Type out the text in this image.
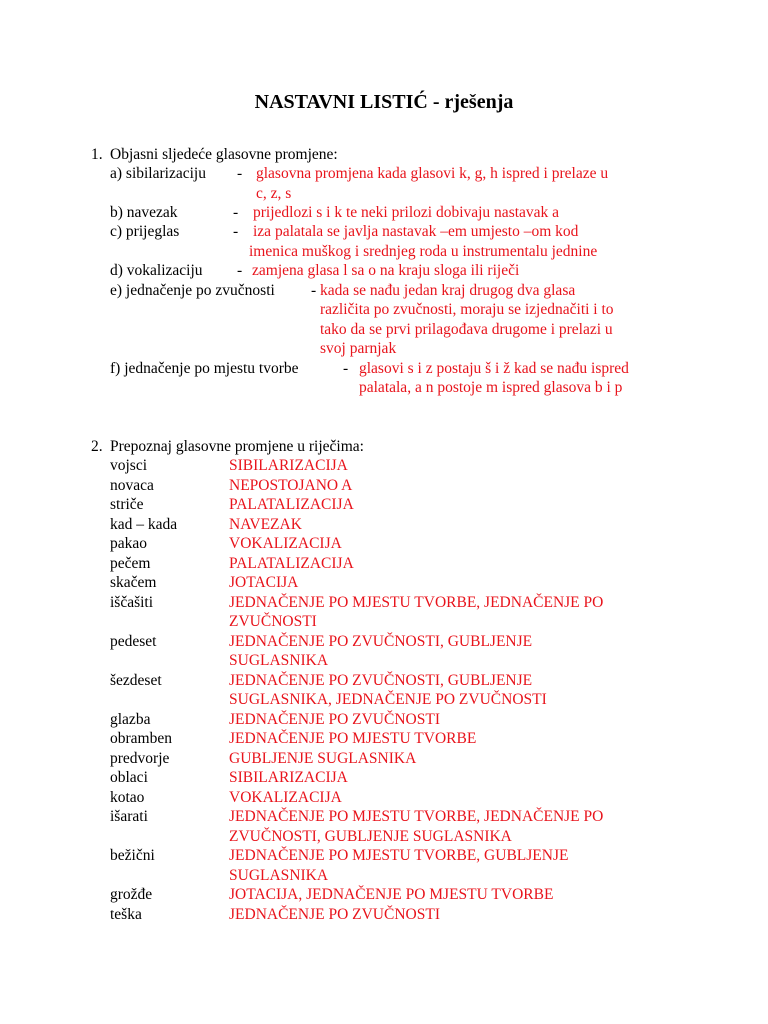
NASTAVNI LISTIĆ - rješenja
1. Objasni sljedeće glasovne promjene:
a) sibilarizaciju - glasovna promjena kada glasovi k, g, h ispred i prelaze u
c, z, s
b) navezak	- prijedlozi s i k te neki prilozi dobivaju nastavak a
c) prijeglas	- iza palatala se javlja nastavak –em umjesto –om kod
imenica muškog i srednjeg roda u instrumentalu jednine
d) vokalizaciju - zamjena glasa l sa o na kraju sloga ili riječi
e) jednačenje po zvučnosti - kada se nađu jedan kraj drugog dva glasa
različita po zvučnosti, moraju se izjednačiti i to
tako da se prvi prilagođava drugome i prelazi u
svoj parnjak
f) jednačenje po mjestu tvorbe	- glasovi s i z postaju š i ž kad se nađu ispred
palatala, a n postoje m ispred glasova b i p
2. Prepoznaj glasovne promjene u riječima:
vojsci	SIBILARIZACIJA
novaca	NEPOSTOJANO A
striče	PALATALIZACIJA
kad – kada	NAVEZAK
pakao	VOKALIZACIJA
pečem	PALATALIZACIJA
skačem	JOTACIJA
iščašiti	JEDNAČENJE PO MJESTU TVORBE, JEDNAČENJE PO
ZVUČNOSTI
pedeset	JEDNAČENJE PO ZVUČNOSTI, GUBLJENJE
SUGLASNIKA
šezdeset	JEDNAČENJE PO ZVUČNOSTI, GUBLJENJE
SUGLASNIKA, JEDNAČENJE PO ZVUČNOSTI
glazba	JEDNAČENJE PO ZVUČNOSTI
obramben	JEDNAČENJE PO MJESTU TVORBE
predvorje	GUBLJENJE SUGLASNIKA
oblaci	SIBILARIZACIJA
kotao	VOKALIZACIJA
išarati	JEDNAČENJE PO MJESTU TVORBE, JEDNAČENJE PO
ZVUČNOSTI, GUBLJENJE SUGLASNIKA
bežični	JEDNAČENJE PO MJESTU TVORBE, GUBLJENJE
SUGLASNIKA
grožđe	JOTACIJA, JEDNAČENJE PO MJESTU TVORBE
teška	JEDNAČENJE PO ZVUČNOSTI
